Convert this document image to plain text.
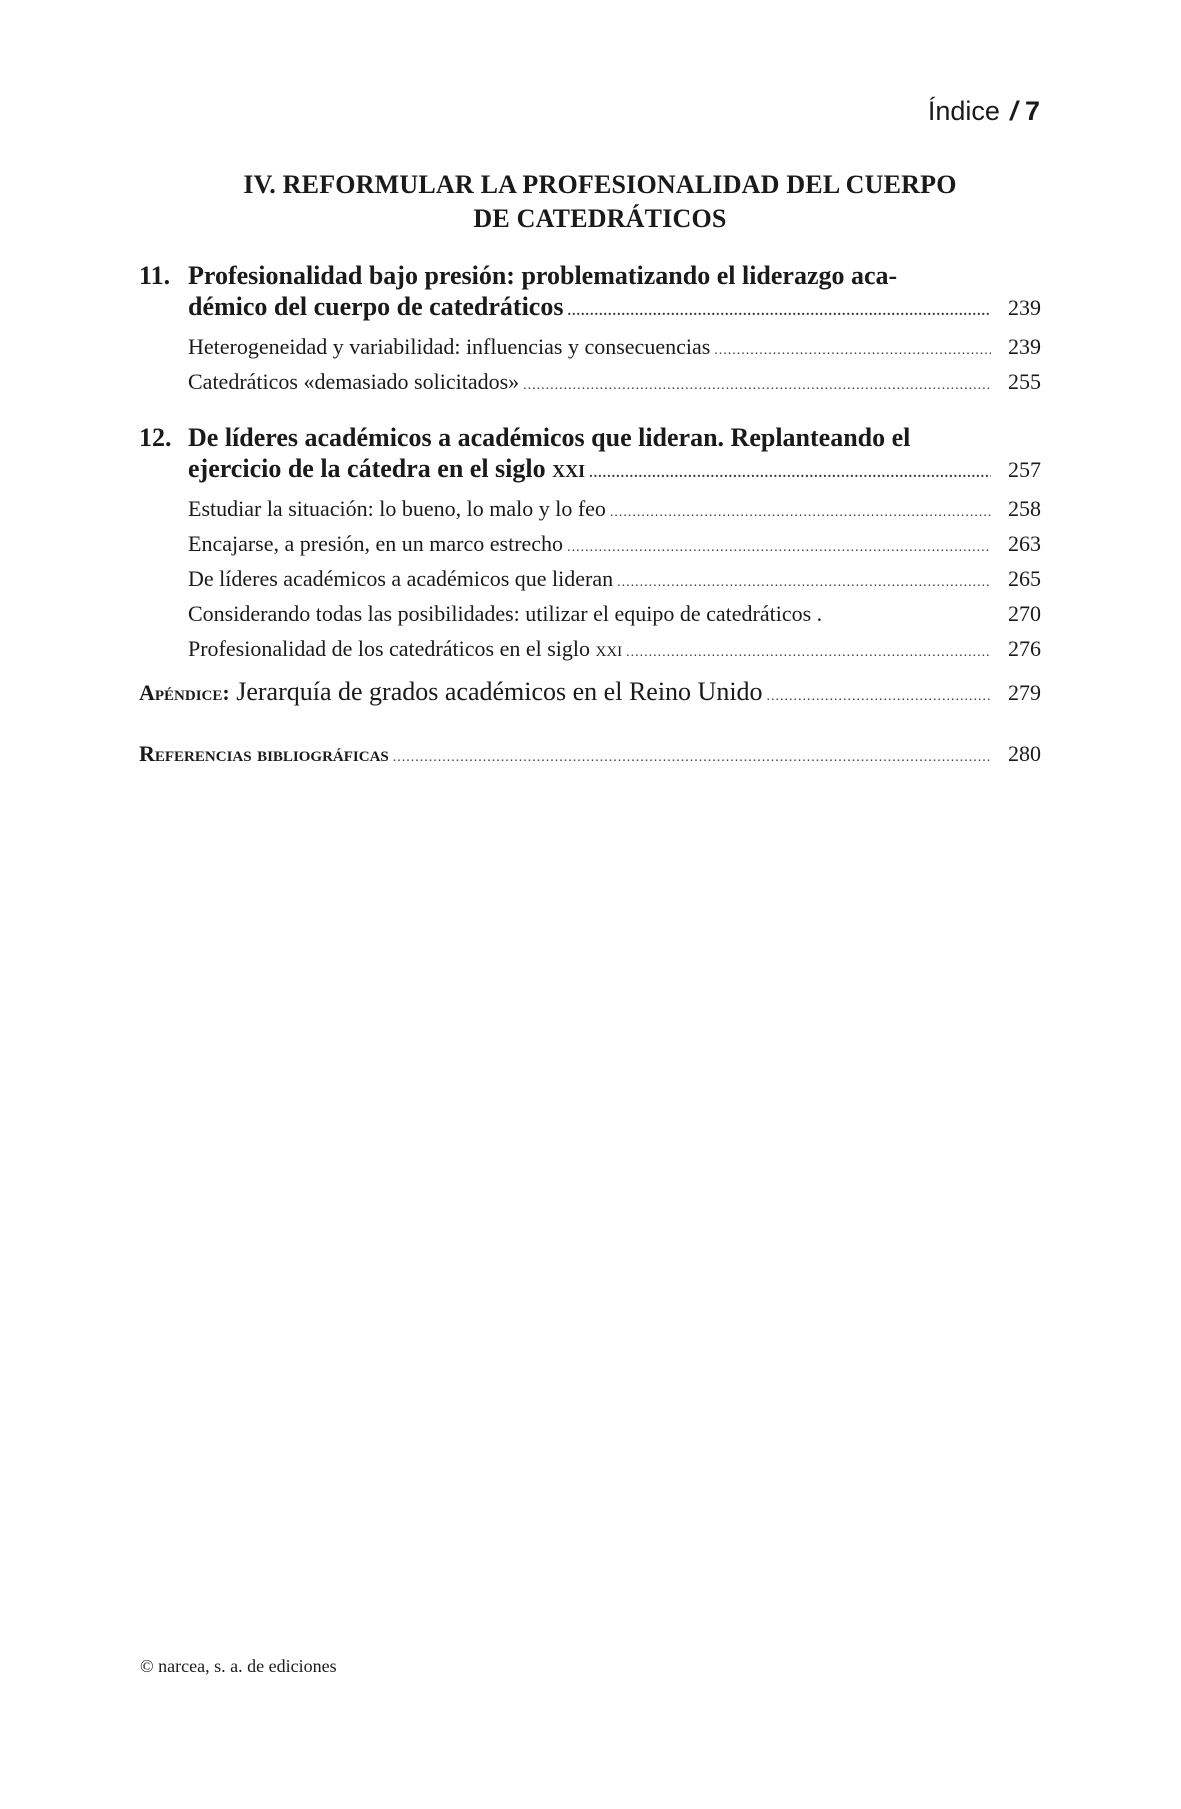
Índice / 7
IV. REFORMULAR LA PROFESIONALIDAD DEL CUERPO
DE CATEDRÁTICOS
11. Profesionalidad bajo presión: problematizando el liderazgo aca-
démico del cuerpo de catedráticos .....	239
Heterogeneidad y variabilidad: influencias y consecuencias .....	239
Catedráticos «demasiado solicitados» .....	255
12. De líderes académicos a académicos que lideran. Replanteando el
ejercicio de la cátedra en el siglo xxi .....	257
Estudiar la situación: lo bueno, lo malo y lo feo .....	258
Encajarse, a presión, en un marco estrecho .....	263
De líderes académicos a académicos que lideran .....	265
Considerando todas las posibilidades: utilizar el equipo de catedráticos .	270
Profesionalidad de los catedráticos en el siglo xxi .....	276
Apéndice: Jerarquía de grados académicos en el Reino Unido .....	279
Referencias bibliográficas .....	280
© narcea, s. a. de ediciones
